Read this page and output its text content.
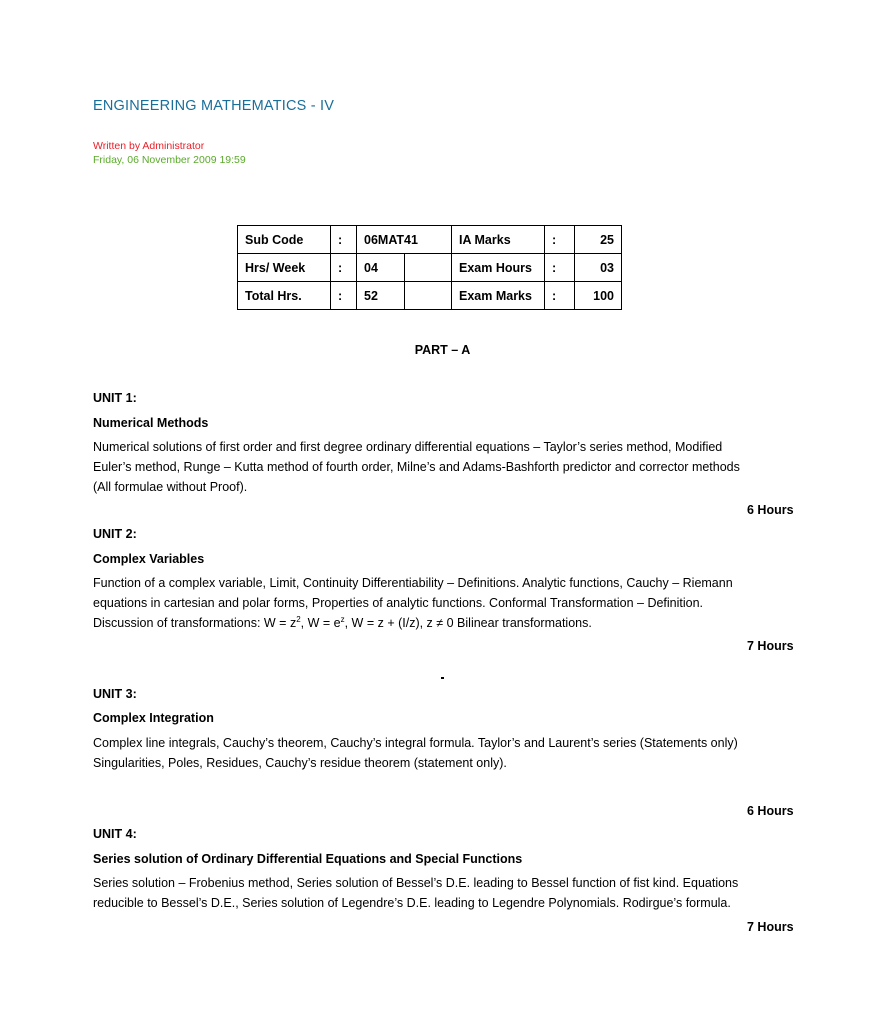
ENGINEERING MATHEMATICS - IV
Written by Administrator
Friday, 06 November 2009 19:59
Sub Code	:	06MAT41		IA Marks	:	25
Hrs/ Week	:	04		Exam Hours	:	03
Total Hrs.	:	52		Exam Marks	:	100
PART – A
UNIT 1:
Numerical Methods
Numerical solutions of first order and first degree ordinary differential equations – Taylor’s series method, Modified
Euler’s method, Runge – Kutta method of fourth order, Milne’s and Adams-Bashforth predictor and corrector methods
(All formulae without Proof).
6 Hours
UNIT 2:
Complex Variables
Function of a complex variable, Limit, Continuity Differentiability – Definitions. Analytic functions, Cauchy – Riemann
equations in cartesian and polar forms, Properties of analytic functions. Conformal Transformation – Definition.
Discussion of transformations: $W = z^2$, $W = e^z$, W = z + (I/z), z ≠ 0 Bilinear transformations.
7 Hours
UNIT 3:
Complex Integration
Complex line integrals, Cauchy’s theorem, Cauchy’s integral formula. Taylor’s and Laurent’s series (Statements only)
Singularities, Poles, Residues, Cauchy’s residue theorem (statement only).
6 Hours
UNIT 4:
Series solution of Ordinary Differential Equations and Special Functions
Series solution – Frobenius method, Series solution of Bessel’s D.E. leading to Bessel function of fist kind. Equations
reducible to Bessel’s D.E., Series solution of Legendre’s D.E. leading to Legendre Polynomials. Rodirgue’s formula.
7 Hours
